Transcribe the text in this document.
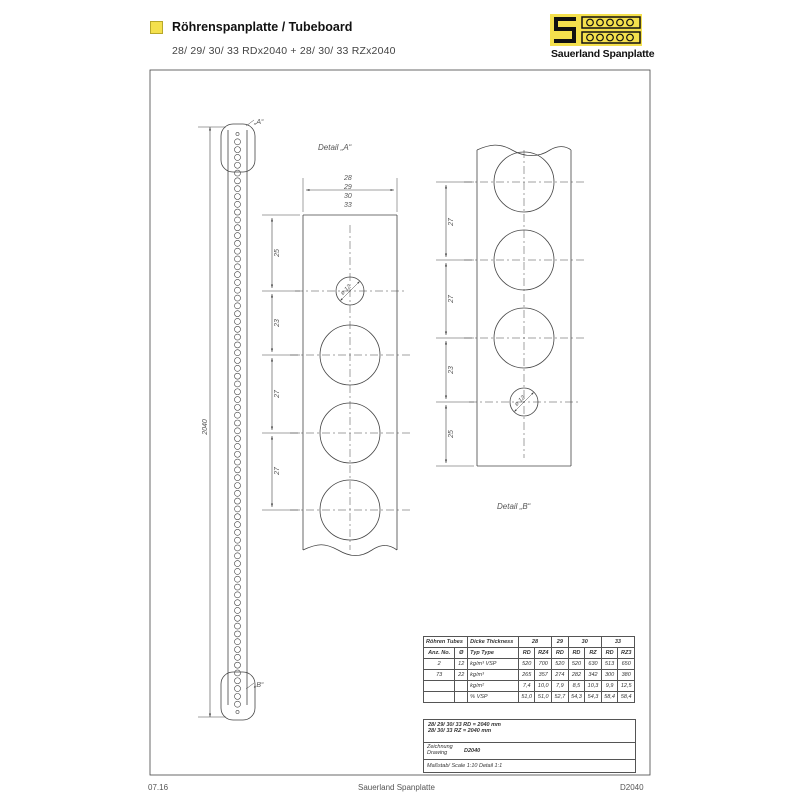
Röhrenspanplatte / Tubeboard
28/ 29/ 30/ 33 RDx2040 + 28/ 30/ 33 RZx2040	Sauerland Spanplatte
„A“
„B“
2040
Detail „A“
28
29
30
33
25
23
27
27
ø 12
Detail „B“
27
27
23
25
ø 12
Röhren Tubes		Dicke Thickness	28		29	30		33	
Anz. No.	Ø	Typ Type	RD	RZ4	RD	RD	RZ	RD	RZ3
2	12	kg/m³ VSP	520	700	520	520	630	513	650
73	22	kg/m³	265	357	274	282	342	300	380
		kg/m²	7,4	10,0	7,9	8,5	10,3	9,9	12,5
		% VSP	51,0	51,0	52,7	54,3	54,3	58,4	58,4
28/ 29/ 30/ 33 RD = 2040 mm
28/ 30/ 33 RZ = 2040 mm
Zeichnung Drawing	D2040
Maßstab/ Scale 1:10 Detail 1:1
07.16	Sauerland Spanplatte	D2040
